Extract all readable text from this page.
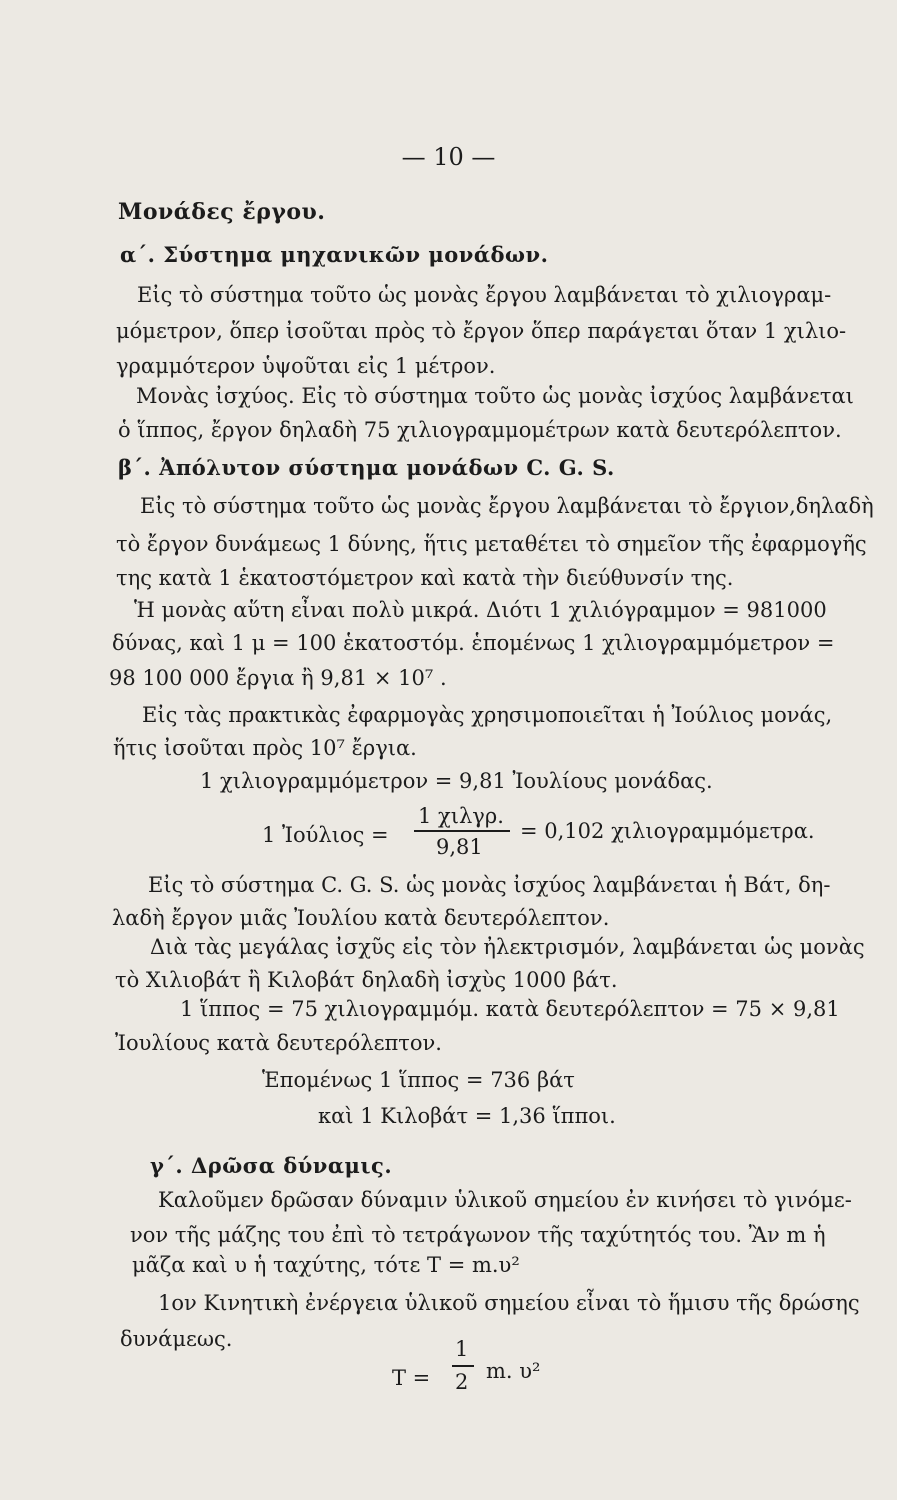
— 10 —
Μονάδες ἔργου.
α΄. Σύστημα μηχανικῶν μονάδων.
Εἰς τὸ σύστημα τοῦτο ὡς μονὰς ἔργου λαμβάνεται τὸ χιλιογραμ-
μόμετρον, ὅπερ ἰσοῦται πρὸς τὸ ἔργον ὅπερ παράγεται ὅταν 1 χιλιο-
γραμμότερον ὑψοῦται εἰς 1 μέτρον.
Μονὰς ἰσχύος. Εἰς τὸ σύστημα τοῦτο ὡς μονὰς ἰσχύος λαμβάνεται
ὁ ἵππος, ἔργον δηλαδὴ 75 χιλιογραμμομέτρων κατὰ δευτερόλεπτον.
β΄. Ἀπόλυτον σύστημα μονάδων C. G. S.
Εἰς τὸ σύστημα τοῦτο ὡς μονὰς ἔργου λαμβάνεται τὸ ἔργιον,δηλαδὴ
τὸ ἔργον δυνάμεως 1 δύνης, ἥτις μεταθέτει τὸ σημεῖον τῆς ἐφαρμογῆς
της κατὰ 1 ἑκατοστόμετρον καὶ κατὰ τὴν διεύθυνσίν της.
Ἡ μονὰς αὕτη εἶναι πολὺ μικρά. Διότι 1 χιλιόγραμμον = 981000
δύνας, καὶ 1 μ = 100 ἑκατοστόμ. ἑπομένως 1 χιλιογραμμόμετρον =
98 100 000 ἔργια ἢ 9,81 × 10⁷ .
Εἰς τὰς πρακτικὰς ἐφαρμογὰς χρησιμοποιεῖται ἡ Ἰούλιος μονάς,
ἥτις ἰσοῦται πρὸς 10⁷ ἔργια.
1 χιλιογραμμόμετρον = 9,81 Ἰουλίους μονάδας.
1 Ἰούλιος =
1 χιλγρ.
9,81
= 0,102 χιλιογραμμόμετρα.
Εἰς τὸ σύστημα C. G. S. ὡς μονὰς ἰσχύος λαμβάνεται ἡ Βάτ, δη-
λαδὴ ἔργον μιᾶς Ἰουλίου κατὰ δευτερόλεπτον.
Διὰ τὰς μεγάλας ἰσχῦς εἰς τὸν ἠλεκτρισμόν, λαμβάνεται ὡς μονὰς
τὸ Χιλιοβάτ ἢ Κιλοβάτ δηλαδὴ ἰσχὺς 1000 βάτ.
1 ἵππος = 75 χιλιογραμμόμ. κατὰ δευτερόλεπτον = 75 × 9,81
Ἰουλίους κατὰ δευτερόλεπτον.
Ἑπομένως 1 ἵππος = 736 βάτ
καὶ 1 Κιλοβάτ = 1,36 ἵπποι.
γ΄. Δρῶσα δύναμις.
Καλοῦμεν δρῶσαν δύναμιν ὑλικοῦ σημείου ἐν κινήσει τὸ γινόμε-
νον τῆς μάζης του ἐπὶ τὸ τετράγωνον τῆς ταχύτητός του. Ἂν m ἡ
μᾶζα καὶ υ ἡ ταχύτης, τότε T = m.υ²
1ον Κινητικὴ ἐνέργεια ὑλικοῦ σημείου εἶναι τὸ ἥμισυ τῆς δρώσης
δυνάμεως.
T =
1
2 m. υ²
